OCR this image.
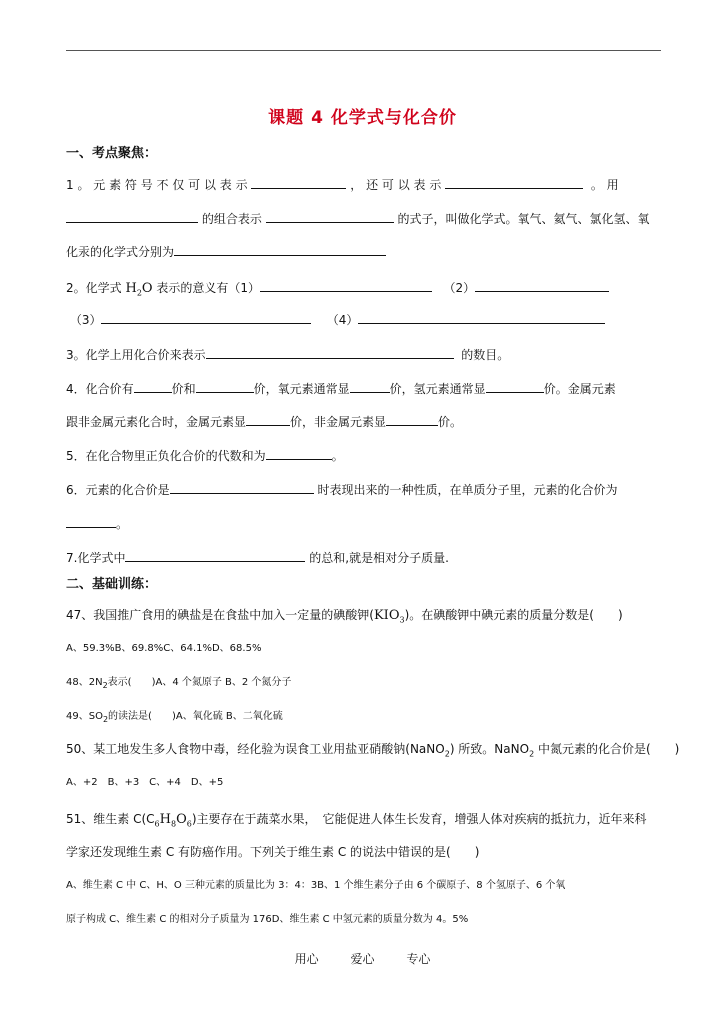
课题 4 化学式与化合价
一、考点聚焦：
1 。 元 素 符 号 不 仅 可 以 表 示	， 还 可 以 表 示	。 用
的组合表示	的式子，叫做化学式。氧气、氦气、氯化氢、氧
化汞的化学式分别为
2。化学式 $H_2O$ 表示的意义有（1）	（2）
（3）	（4）
3。化学上用化合价来表示	的数目。
4．化合价有	价和	价，氧元素通常显	价，氢元素通常显	价。金属元素
跟非金属元素化合时，金属元素显	价，非金属元素显	价。
5．在化合物里正负化合价的代数和为	。
6．元素的化合价是	时表现出来的一种性质，在单质分子里，元素的化合价为
。
7.化学式中	的总和,就是相对分子质量.
二、基础训练：
47、我国推广食用的碘盐是在食盐中加入一定量的碘酸钾$(KIO_3)$。在碘酸钾中碘元素的质量分数是(　　)
A、59.3%B、69.8%C、64.1%D、68.5%
48、$2N_2$表示(　　)A、4 个氮原子 B、2 个氮分子
49、$SO_2$的读法是(　　)A、氧化硫 B、二氧化硫
50、某工地发生多人食物中毒，经化验为误食工业用盐亚硝酸钠(NaNO$_2$) 所致。NaNO$_2$ 中氮元素的化合价是(　　)
A、+2　B、+3　C、+4　D、+5
51、维生素 $C(C_6H_8O_6)$主要存在于蔬菜水果，　它能促进人体生长发育，增强人体对疾病的抵抗力，近年来科
学家还发现维生素 C 有防癌作用。下列关于维生素 C 的说法中错误的是(　　)
A、维生素 C 中 C、H、O 三种元素的质量比为 3：4：3B、1 个维生素分子由 6 个碳原子、8 个氢原子、6 个氧
原子构成 C、维生素 C 的相对分子质量为 176D、维生素 C 中氢元素的质量分数为 4。5%
用心	爱心	专心
